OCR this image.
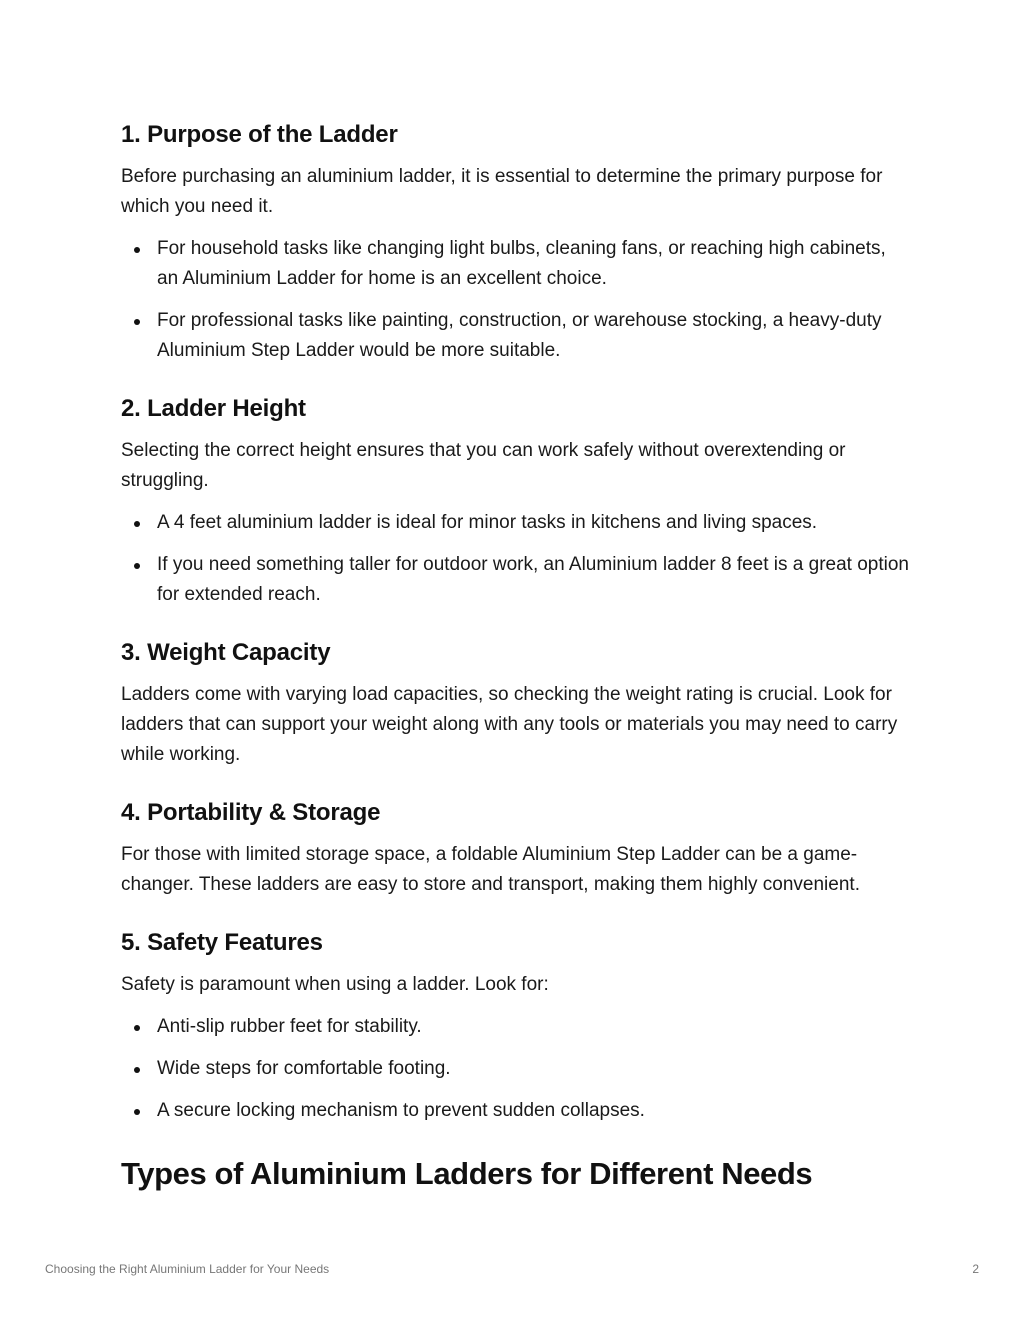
1. Purpose of the Ladder

Before purchasing an aluminium ladder, it is essential to determine the primary purpose for which you need it.

For household tasks like changing light bulbs, cleaning fans, or reaching high cabinets, an Aluminium Ladder for home is an excellent choice.
For professional tasks like painting, construction, or warehouse stocking, a heavy-duty Aluminium Step Ladder would be more suitable.
2. Ladder Height

Selecting the correct height ensures that you can work safely without overextending or struggling.

A 4 feet aluminium ladder is ideal for minor tasks in kitchens and living spaces.
If you need something taller for outdoor work, an Aluminium ladder 8 feet is a great option for extended reach.
3. Weight Capacity

Ladders come with varying load capacities, so checking the weight rating is crucial. Look for ladders that can support your weight along with any tools or materials you may need to carry while working.

4. Portability & Storage

For those with limited storage space, a foldable Aluminium Step Ladder can be a game-changer. These ladders are easy to store and transport, making them highly convenient.

5. Safety Features

Safety is paramount when using a ladder. Look for:

Anti-slip rubber feet for stability.
Wide steps for comfortable footing.
A secure locking mechanism to prevent sudden collapses.
Types of Aluminium Ladders for Different Needs
Choosing the Right Aluminium Ladder for Your Needs	2
